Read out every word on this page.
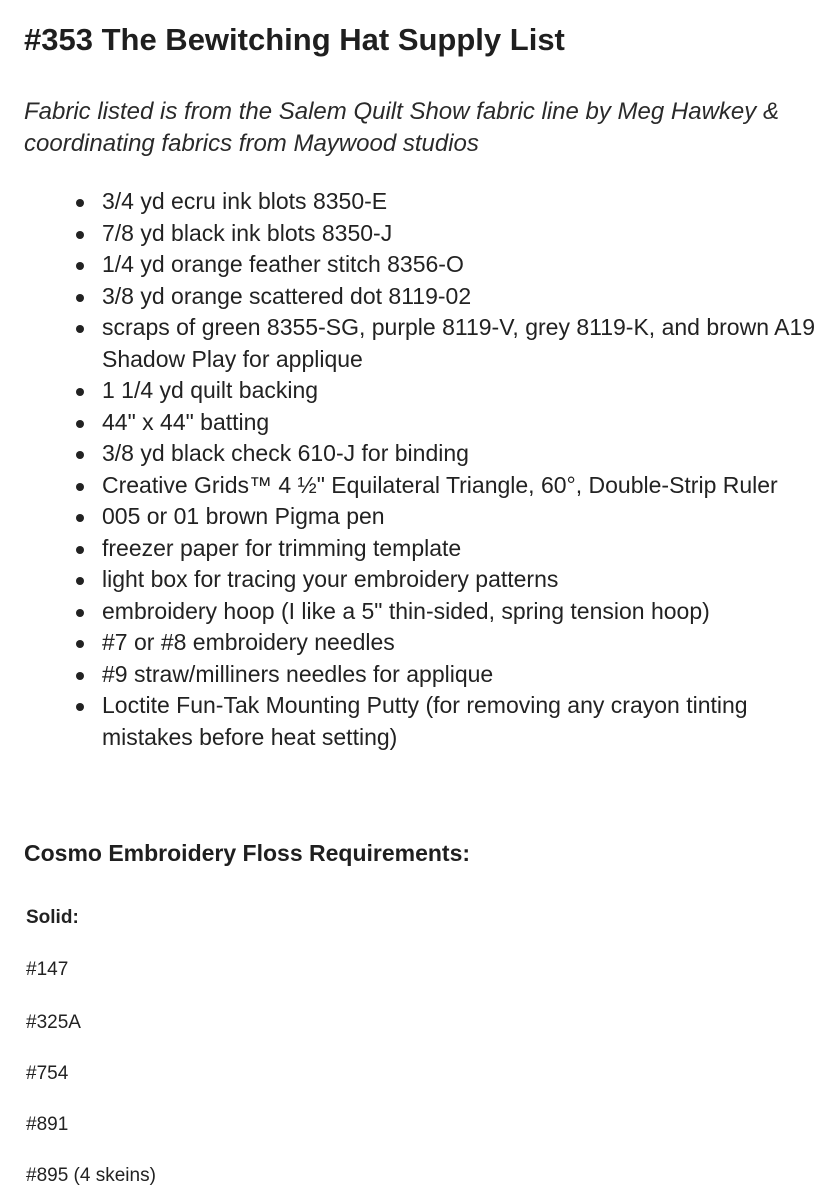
#353 The Bewitching Hat Supply List

Fabric listed is from the Salem Quilt Show fabric line by Meg Hawkey & coordinating fabrics from Maywood studios

3/4 yd ecru ink blots 8350-E
7/8 yd black ink blots 8350-J
1/4 yd orange feather stitch 8356-O
3/8 yd orange scattered dot 8119-02
scraps of green 8355-SG, purple 8119-V, grey 8119-K, and brown A19 Shadow Play for applique
1 1/4 yd quilt backing
44" x 44" batting
3/8 yd black check 610-J for binding
Creative Grids™ 4 ½" Equilateral Triangle, 60°, Double-Strip Ruler
005 or 01 brown Pigma pen
freezer paper for trimming template
light box for tracing your embroidery patterns
embroidery hoop (I like a 5" thin-sided, spring tension hoop)
#7 or #8 embroidery needles
#9 straw/milliners needles for applique
Loctite Fun-Tak Mounting Putty (for removing any crayon tinting mistakes before heat setting)
Cosmo Embroidery Floss Requirements:

Solid:

#147

#325A

#754

#891

#895 (4 skeins)
